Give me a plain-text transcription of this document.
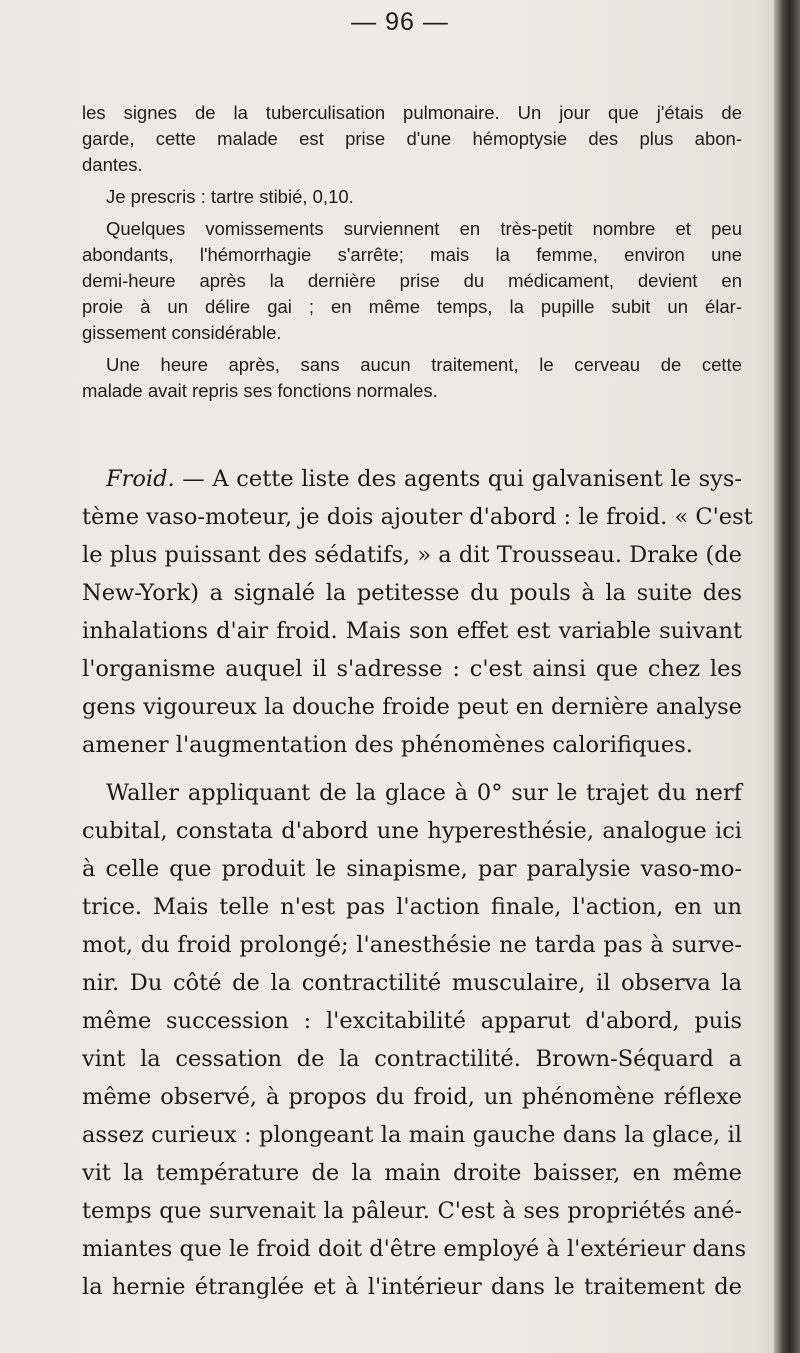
— 96 —

les signes de la tuberculisation pulmonaire. Un jour que j'étais de
garde, cette malade est prise d'une hémoptysie des plus abon-
dantes.

Je prescris : tartre stibié, 0,10.

Quelques vomissements surviennent en très-petit nombre et peu
abondants, l'hémorrhagie s'arrête; mais la femme, environ une
demi-heure après la dernière prise du médicament, devient en
proie à un délire gai ; en même temps, la pupille subit un élar-
gissement considérable.

Une heure après, sans aucun traitement, le cerveau de cette
malade avait repris ses fonctions normales.

Froid. — A cette liste des agents qui galvanisent le sys-
tème vaso-moteur, je dois ajouter d'abord : le froid. « C'est
le plus puissant des sédatifs, » a dit Trousseau. Drake (de
New-York) a signalé la petitesse du pouls à la suite des
inhalations d'air froid. Mais son effet est variable suivant
l'organisme auquel il s'adresse : c'est ainsi que chez les
gens vigoureux la douche froide peut en dernière analyse
amener l'augmentation des phénomènes calorifiques.

Waller appliquant de la glace à 0° sur le trajet du nerf
cubital, constata d'abord une hyperesthésie, analogue ici
à celle que produit le sinapisme, par paralysie vaso-mo-
trice. Mais telle n'est pas l'action finale, l'action, en un
mot, du froid prolongé; l'anesthésie ne tarda pas à surve-
nir. Du côté de la contractilité musculaire, il observa la
même succession : l'excitabilité apparut d'abord, puis
vint la cessation de la contractilité. Brown-Séquard a
même observé, à propos du froid, un phénomène réflexe
assez curieux : plongeant la main gauche dans la glace, il
vit la température de la main droite baisser, en même
temps que survenait la pâleur. C'est à ses propriétés ané-
miantes que le froid doit d'être employé à l'extérieur dans
la hernie étranglée et à l'intérieur dans le traitement de
